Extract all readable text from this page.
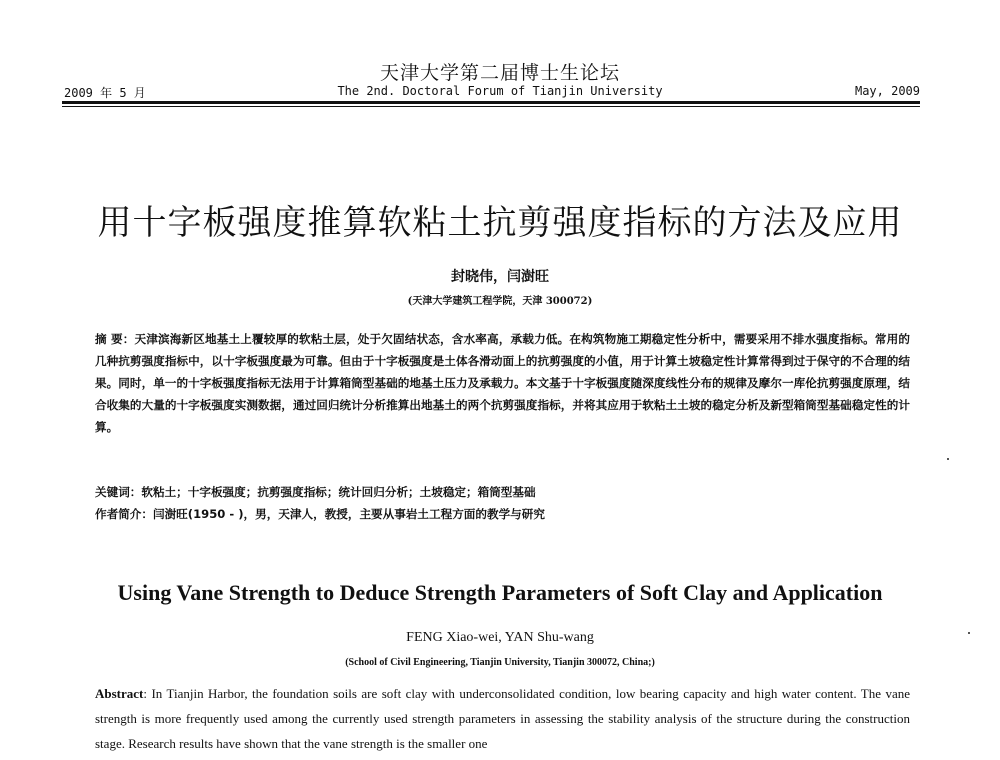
天津大学第二届博士生论坛
2009 年 5 月	The 2nd. Doctoral Forum of Tianjin University	May, 2009
用十字板强度推算软粘土抗剪强度指标的方法及应用
封晓伟，闫澍旺
(天津大学建筑工程学院，天津 300072)
摘 要：天津滨海新区地基土上覆较厚的软粘土层，处于欠固结状态，含水率高，承载力低。在构筑物施工期稳定性分析中，需要采用不排水强度指标。常用的几种抗剪强度指标中，以十字板强度最为可靠。但由于十字板强度是土体各滑动面上的抗剪强度的小值，用于计算土坡稳定性计算常得到过于保守的不合理的结果。同时，单一的十字板强度指标无法用于计算箱筒型基础的地基土压力及承载力。本文基于十字板强度随深度线性分布的规律及摩尔一库伦抗剪强度原理，结合收集的大量的十字板强度实测数据，通过回归统计分析推算出地基土的两个抗剪强度指标，并将其应用于软粘土土坡的稳定分析及新型箱筒型基础稳定性的计算。
关键词：软粘土；十字板强度；抗剪强度指标；统计回归分析；土坡稳定；箱筒型基础
作者简介：闫澍旺(1950 - )，男，天津人，教授，主要从事岩土工程方面的教学与研究
Using Vane Strength to Deduce Strength Parameters of Soft Clay and Application
FENG Xiao-wei, YAN Shu-wang
(School of Civil Engineering, Tianjin University, Tianjin 300072, China;)
Abstract: In Tianjin Harbor, the foundation soils are soft clay with underconsolidated condition, low bearing capacity and high water content. The vane strength is more frequently used among the currently used strength parameters in assessing the stability analysis of the structure during the construction stage. Research results have shown that the vane strength is the smaller one
